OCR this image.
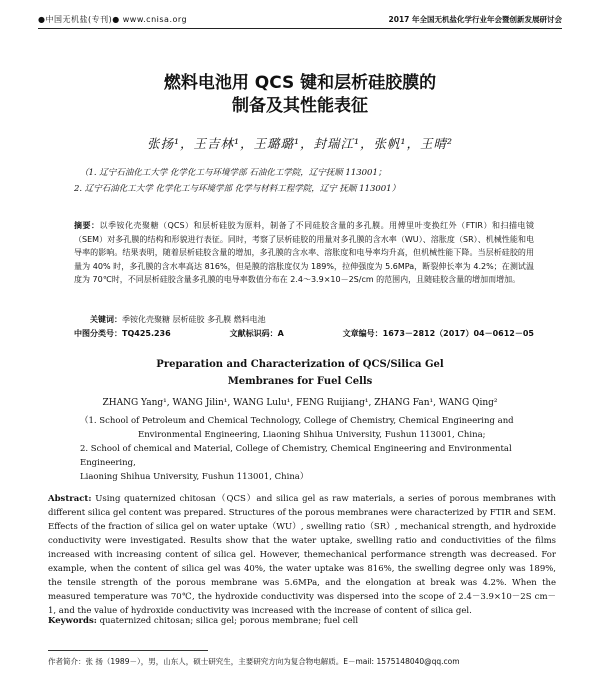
●中国无机盐(专刊)● www.cnisa.org	2017 年全国无机盐化学行业年会暨创新发展研讨会
燃料电池用 QCS 键和层析硅胶膜的
制备及其性能表征
张扬¹，王吉林¹，王璐璐¹，封瑞江¹，张帆¹，王晴²
（1. 辽宁石油化工大学 化学化工与环境学部 石油化工学院，辽宁抚顺 113001；
2. 辽宁石油化工大学 化学化工与环境学部 化学与材料工程学院，辽宁 抚顺 113001）
摘要：以季铵化壳聚糖（QCS）和层析硅胶为原料，制备了不同硅胶含量的多孔膜。用傅里叶变换红外（FTIR）和扫描电镜（SEM）对多孔膜的结构和形貌进行表征。同时，考察了层析硅胶的用量对多孔膜的含水率（WU）、溶胀度（SR）、机械性能和电导率的影响。结果表明，随着层析硅胶含量的增加，多孔膜的含水率、溶胀度和电导率均升高，但机械性能下降。当层析硅胶的用量为 40% 时，多孔膜的含水率高达 816%，但是膜的溶胀度仅为 189%，拉伸强度为 5.6MPa，断裂伸长率为 4.2%；在测试温度为 70℃时，不同层析硅胶含量多孔膜的电导率数值分布在 2.4～3.9×10－2S/cm 的范围内，且随硅胶含量的增加而增加。
关键词：季铵化壳聚糖 层析硅胶 多孔膜 燃料电池
中图分类号：TQ425.236	文献标识码：A	文章编号：1673－2812（2017）04－0612－05
Preparation and Characterization of QCS/Silica Gel
Membranes for Fuel Cells
ZHANG Yang¹, WANG Jilin¹, WANG Lulu¹, FENG Ruijiang¹, ZHANG Fan¹, WANG Qing²
（1. School of Petroleum and Chemical Technology, College of Chemistry, Chemical Engineering and
Environmental Engineering, Liaoning Shihua University, Fushun 113001, China;
2. School of chemical and Material, College of Chemistry, Chemical Engineering and Environmental Engineering,
Liaoning Shihua University, Fushun 113001, China）
Abstract: Using quaternized chitosan（QCS）and silica gel as raw materials, a series of porous membranes with different silica gel content was prepared. Structures of the porous membranes were characterized by FTIR and SEM. Effects of the fraction of silica gel on water uptake（WU）, swelling ratio（SR）, mechanical strength, and hydroxide conductivity were investigated. Results show that the water uptake, swelling ratio and conductivities of the films increased with increasing content of silica gel. However, themechanical performance strength was decreased. For example, when the content of silica gel was 40%, the water uptake was 816%, the swelling degree only was 189%, the tensile strength of the porous membrane was 5.6MPa, and the elongation at break was 4.2%. When the measured temperature was 70℃, the hydroxide conductivity was dispersed into the scope of 2.4－3.9×10－2S cm－1, and the value of hydroxide conductivity was increased with the increase of content of silica gel.
Keywords: quaternized chitosan; silica gel; porous membrane; fuel cell
作者简介：张 扬（1989－），男，山东人，硕士研究生，主要研究方向为复合物电解质。E－mail: 1575148040@qq.com
